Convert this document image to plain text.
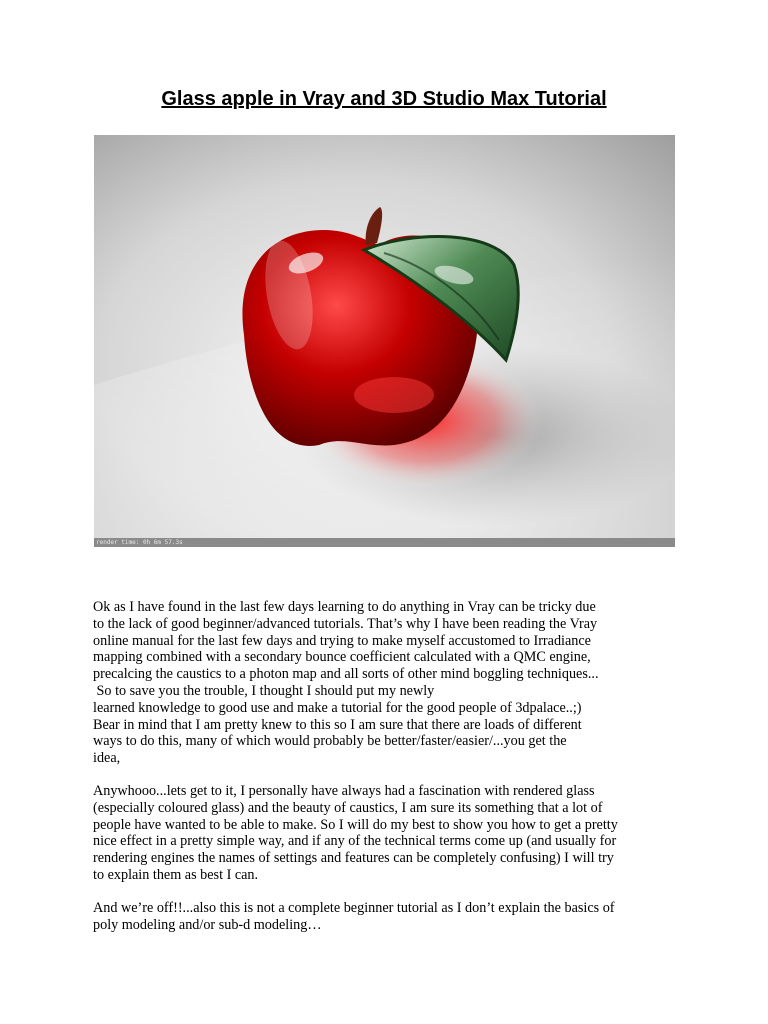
Glass apple in Vray and 3D Studio Max Tutorial
render time: 0h 6m 57.3s

Ok as I have found in the last few days learning to do anything in Vray can be tricky due
to the lack of good beginner/advanced tutorials. That’s why I have been reading the Vray
online manual for the last few days and trying to make myself accustomed to Irradiance
mapping combined with a secondary bounce coefficient calculated with a QMC engine,
precalcing the caustics to a photon map and all sorts of other mind boggling techniques...
So to save you the trouble, I thought I should put my newly
learned knowledge to good use and make a tutorial for the good people of 3dpalace..;)
Bear in mind that I am pretty knew to this so I am sure that there are loads of different
ways to do this, many of which would probably be better/faster/easier/...you get the
idea,

Anywhooo...lets get to it, I personally have always had a fascination with rendered glass
(especially coloured glass) and the beauty of caustics, I am sure its something that a lot of
people have wanted to be able to make. So I will do my best to show you how to get a pretty
nice effect in a pretty simple way, and if any of the technical terms come up (and usually for
rendering engines the names of settings and features can be completely confusing) I will try
to explain them as best I can.

And we’re off!!...also this is not a complete beginner tutorial as I don’t explain the basics of
poly modeling and/or sub-d modeling…
